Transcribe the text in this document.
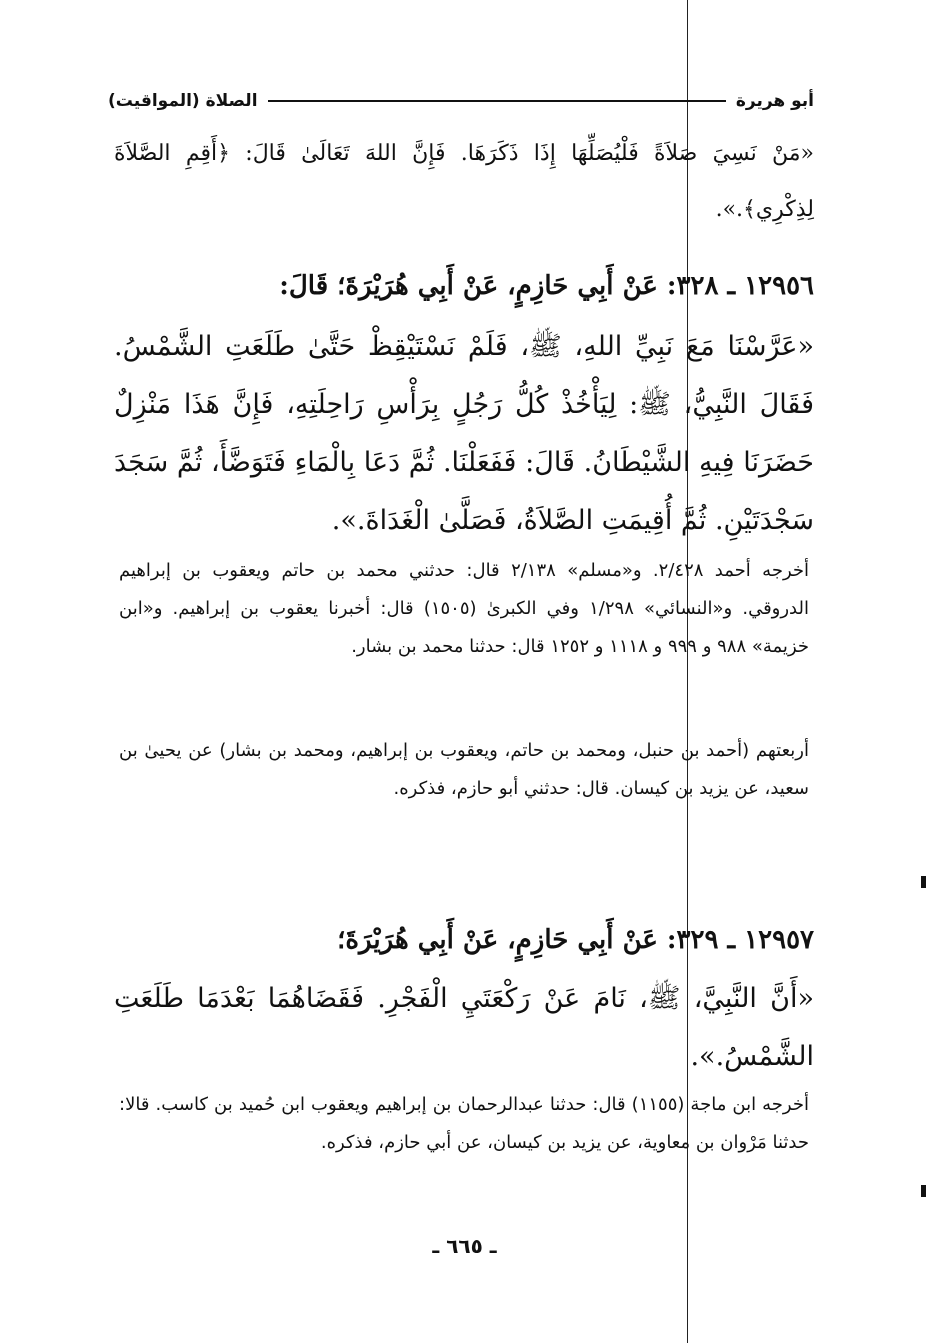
الصلاة (المواقيت)	أبو هريرة
«مَنْ نَسِيَ صَلاَةً فَلْيُصَلِّهَا إِذَا ذَكَرَهَا. فَإِنَّ اللهَ تَعَالَىٰ قَالَ: ﴿أَقِمِ الصَّلاَةَ لِذِكْرِي﴾.».
١٢٩٥٦ ـ ٣٢٨: عَنْ أَبِي حَازِمٍ، عَنْ أَبِي هُرَيْرَةَ؛ قَالَ:
«عَرَّسْنَا مَعَ نَبِيِّ اللهِ، ﷺ، فَلَمْ نَسْتَيْقِظْ حَتَّىٰ طَلَعَتِ الشَّمْسُ. فَقَالَ النَّبِيُّ، ﷺ: لِيَأْخُذْ كُلُّ رَجُلٍ بِرَأْسِ رَاحِلَتِهِ، فَإِنَّ هَذَا مَنْزِلٌ حَضَرَنَا فِيهِ الشَّيْطَانُ. قَالَ: فَفَعَلْنَا. ثُمَّ دَعَا بِالْمَاءِ فَتَوَضَّأَ، ثُمَّ سَجَدَ سَجْدَتَيْنِ. ثُمَّ أُقِيمَتِ الصَّلاَةُ، فَصَلَّىٰ الْغَدَاةَ.».
أخرجه أحمد ٢/٤٢٨. و«مسلم» ٢/١٣٨ قال: حدثني محمد بن حاتم ويعقوب بن إبراهيم الدروقي. و«النسائي» ١/٢٩٨ وفي الكبرىٰ (١٥٠٥) قال: أخبرنا يعقوب بن إبراهيم. و«ابن خزيمة» ٩٨٨ و ٩٩٩ و ١١١٨ و ١٢٥٢ قال: حدثنا محمد بن بشار.
أربعتهم (أحمد بن حنبل، ومحمد بن حاتم، ويعقوب بن إبراهيم، ومحمد بن بشار) عن يحيىٰ بن سعيد، عن يزيد بن كيسان. قال: حدثني أبو حازم، فذكره.
١٢٩٥٧ ـ ٣٢٩: عَنْ أَبِي حَازِمٍ، عَنْ أَبِي هُرَيْرَةَ؛
«أَنَّ النَّبِيَّ، ﷺ، نَامَ عَنْ رَكْعَتَيِ الْفَجْرِ. فَقَضَاهُمَا بَعْدَمَا طَلَعَتِ الشَّمْسُ.».
أخرجه ابن ماجة (١١٥٥) قال: حدثنا عبدالرحمان بن إبراهيم ويعقوب ابن حُميد بن كاسب. قالا: حدثنا مَرْوان بن معاوية، عن يزيد بن كيسان، عن أبي حازم، فذكره.
ـ ٦٦٥ ـ
